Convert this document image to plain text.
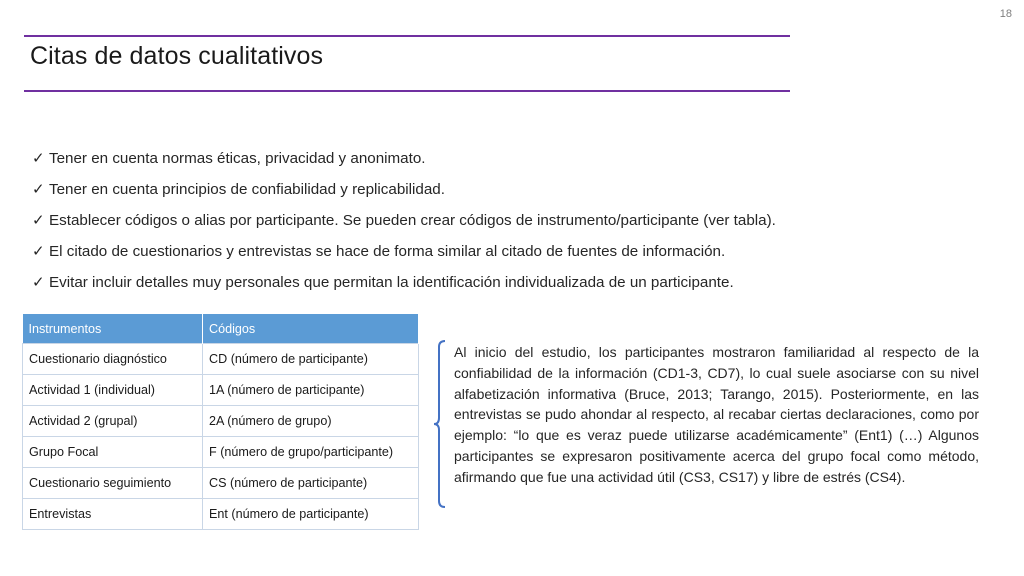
18
Citas de datos cualitativos
✓ Tener en cuenta normas éticas, privacidad y anonimato.
✓ Tener en cuenta principios de confiabilidad y replicabilidad.
✓ Establecer códigos o alias por participante. Se pueden crear códigos de instrumento/participante (ver tabla).
✓ El citado de cuestionarios y entrevistas se hace de forma similar al citado de fuentes de información.
✓ Evitar incluir detalles muy personales que permitan la identificación individualizada de un participante.
Instrumentos	Códigos
Cuestionario diagnóstico	CD (número de participante)
Actividad 1 (individual)	1A (número de participante)
Actividad 2 (grupal)	2A (número de grupo)
Grupo Focal	F (número de grupo/participante)
Cuestionario seguimiento	CS (número de participante)
Entrevistas	Ent (número de participante)

Al inicio del estudio, los participantes mostraron familiaridad al respecto de la confiabilidad de la información (CD1-3, CD7), lo cual suele asociarse con su nivel alfabetización informativa (Bruce, 2013; Tarango, 2015). Posteriormente, en las entrevistas se pudo ahondar al respecto, al recabar ciertas declaraciones, como por ejemplo: “lo que es veraz puede utilizarse académicamente” (Ent1) (…) Algunos participantes se expresaron positivamente acerca del grupo focal como método, afirmando que fue una actividad útil (CS3, CS17) y libre de estrés (CS4).
